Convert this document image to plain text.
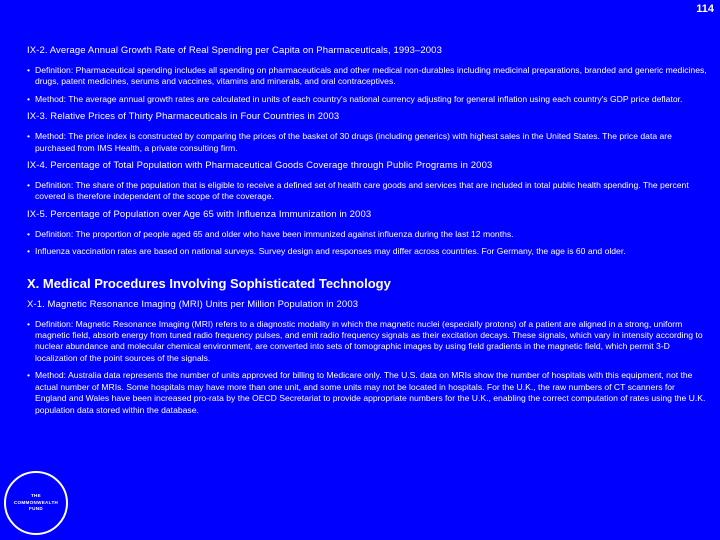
114
IX-2. Average Annual Growth Rate of Real Spending per Capita on Pharmaceuticals, 1993–2003
• Definition: Pharmaceutical spending includes all spending on pharmaceuticals and other medical non-durables including medicinal preparations, branded and generic medicines, drugs, patent medicines, serums and vaccines, vitamins and minerals, and oral contraceptives.
• Method: The average annual growth rates are calculated in units of each country's national currency adjusting for general inflation using each country's GDP price deflator.
IX-3. Relative Prices of Thirty Pharmaceuticals in Four Countries in 2003
• Method: The price index is constructed by comparing the prices of the basket of 30 drugs (including generics) with highest sales in the United States. The price data are purchased from IMS Health, a private consulting firm.
IX-4. Percentage of Total Population with Pharmaceutical Goods Coverage through Public Programs in 2003
• Definition: The share of the population that is eligible to receive a defined set of health care goods and services that are included in total public health spending. The percent covered is therefore independent of the scope of the coverage.
IX-5. Percentage of Population over Age 65 with Influenza Immunization in 2003
• Definition: The proportion of people aged 65 and older who have been immunized against influenza during the last 12 months.
• Influenza vaccination rates are based on national surveys. Survey design and responses may differ across countries. For Germany, the age is 60 and older.
X. Medical Procedures Involving Sophisticated Technology
X-1. Magnetic Resonance Imaging (MRI) Units per Million Population in 2003
• Definition: Magnetic Resonance Imaging (MRI) refers to a diagnostic modality in which the magnetic nuclei (especially protons) of a patient are aligned in a strong, uniform magnetic field, absorb energy from tuned radio frequency pulses, and emit radio frequency signals as their excitation decays. These signals, which vary in intensity according to nuclear abundance and molecular chemical environment, are converted into sets of tomographic images by using field gradients in the magnetic field, which permit 3-D localization of the point sources of the signals.
• Method: Australia data represents the number of units approved for billing to Medicare only. The U.S. data on MRIs show the number of hospitals with this equipment, not the actual number of MRIs. Some hospitals may have more than one unit, and some units may not be located in hospitals. For the U.K., the raw numbers of CT scanners for England and Wales have been increased pro-rata by the OECD Secretariat to provide appropriate numbers for the U.K., enabling the correct computation of rates using the U.K. population data stored within the database.
THE
COMMONWEALTH
FUND
